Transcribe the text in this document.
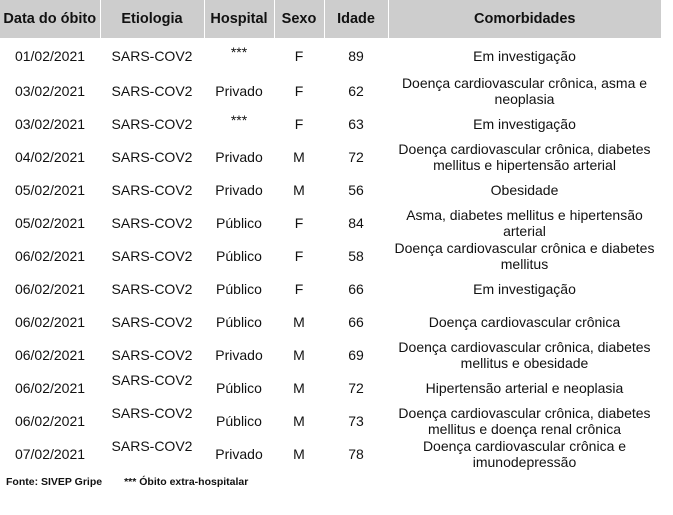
Data do óbito	Etiologia	Hospital	Sexo	Idade	Comorbidades
01/02/2021	SARS-COV2	***	F	89	Em investigação
03/02/2021	SARS-COV2	Privado	F	62	Doença cardiovascular crônica, asma e neoplasia
03/02/2021	SARS-COV2	***	F	63	Em investigação
04/02/2021	SARS-COV2	Privado	M	72	Doença cardiovascular crônica, diabetes mellitus e hipertensão arterial
05/02/2021	SARS-COV2	Privado	M	56	Obesidade
05/02/2021	SARS-COV2	Público	F	84	Asma, diabetes mellitus e hipertensão arterial
06/02/2021	SARS-COV2	Público	F	58	Doença cardiovascular crônica e diabetes mellitus
06/02/2021	SARS-COV2	Público	F	66	Em investigação
06/02/2021	SARS-COV2	Público	M	66	Doença cardiovascular crônica
06/02/2021	SARS-COV2	Privado	M	69	Doença cardiovascular crônica, diabetes mellitus e obesidade
06/02/2021	SARS-COV2	Público	M	72	Hipertensão arterial e neoplasia
06/02/2021	SARS-COV2	Público	M	73	Doença cardiovascular crônica, diabetes mellitus e doença renal crônica
07/02/2021	SARS-COV2	Privado	M	78	Doença cardiovascular crônica e imunodepressão
Fonte: SIVEP Gripe *** Óbito extra-hospitalar
